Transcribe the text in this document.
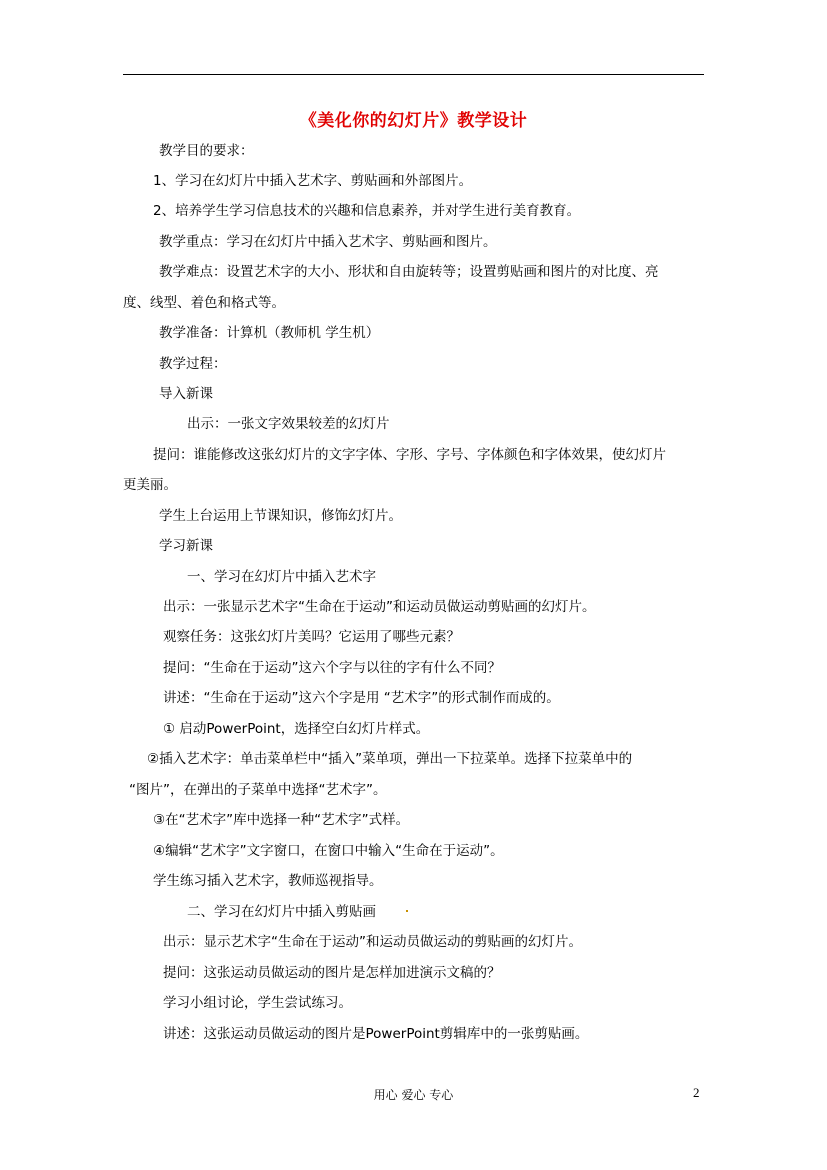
《美化你的幻灯片》教学设计
教学目的要求：
1、学习在幻灯片中插入艺术字、剪贴画和外部图片。
2、培养学生学习信息技术的兴趣和信息素养，并对学生进行美育教育。
教学重点：学习在幻灯片中插入艺术字、剪贴画和图片。
教学难点：设置艺术字的大小、形状和自由旋转等；设置剪贴画和图片的对比度、亮
度、线型、着色和格式等。
教学准备：计算机（教师机 学生机）
教学过程：
导入新课
出示：一张文字效果较差的幻灯片
提问：谁能修改这张幻灯片的文字字体、字形、字号、字体颜色和字体效果，使幻灯片
更美丽。
学生上台运用上节课知识，修饰幻灯片。
学习新课
一、学习在幻灯片中插入艺术字
出示：一张显示艺术字“生命在于运动”和运动员做运动剪贴画的幻灯片。
观察任务：这张幻灯片美吗？它运用了哪些元素？
提问：“生命在于运动”这六个字与以往的字有什么不同？
讲述：“生命在于运动”这六个字是用 “艺术字”的形式制作而成的。
① 启动PowerPoint，选择空白幻灯片样式。
②插入艺术字：单击菜单栏中“插入”菜单项，弹出一下拉菜单。选择下拉菜单中的
“图片”，在弹出的子菜单中选择“艺术字”。
③在“艺术字”库中选择一种“艺术字”式样。
④编辑“艺术字”文字窗口，在窗口中输入“生命在于运动”。
学生练习插入艺术字，教师巡视指导。
二、学习在幻灯片中插入剪贴画
出示：显示艺术字“生命在于运动”和运动员做运动的剪贴画的幻灯片。
提问：这张运动员做运动的图片是怎样加进演示文稿的？
学习小组讨论，学生尝试练习。
讲述：这张运动员做运动的图片是PowerPoint剪辑库中的一张剪贴画。
用心 爱心 专心	2
